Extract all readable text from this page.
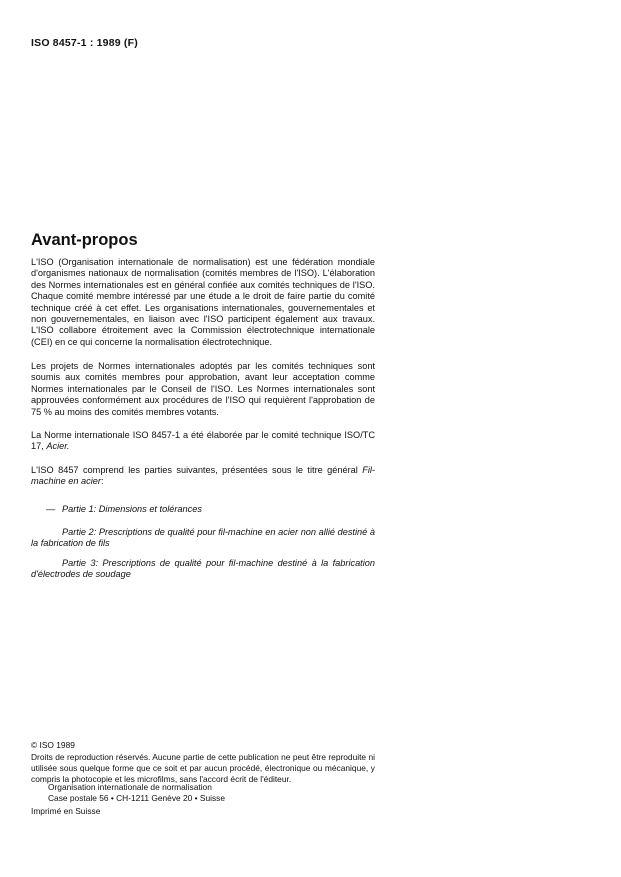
ISO 8457-1 : 1989 (F)
Avant-propos

L'ISO (Organisation internationale de normalisation) est une fédération mondiale d'organismes nationaux de normalisation (comités membres de l'ISO). L'élaboration des Normes internationales est en général confiée aux comités techniques de l'ISO. Chaque comité membre intéressé par une étude a le droit de faire partie du comité technique créé à cet effet. Les organisations internationales, gouvernementales et non gouvernementales, en liaison avec l'ISO participent également aux travaux. L'ISO collabore étroitement avec la Commission électrotechnique internationale (CEI) en ce qui concerne la normalisation électrotechnique.

Les projets de Normes internationales adoptés par les comités techniques sont soumis aux comités membres pour approbation, avant leur acceptation comme Normes internationales par le Conseil de l'ISO. Les Normes internationales sont approuvées conformément aux procédures de l'ISO qui requièrent l'approbation de 75 % au moins des comités membres votants.

La Norme internationale ISO 8457-1 a été élaborée par le comité technique ISO/TC 17, Acier.

L'ISO 8457 comprend les parties suivantes, présentées sous le titre général Fil-machine en acier:

— Partie 1: Dimensions et tolérances

Partie 2: Prescriptions de qualité pour fil-machine en acier non allié destiné à la fabrication de fils

Partie 3: Prescriptions de qualité pour fil-machine destiné à la fabrication d'électrodes de soudage

© ISO 1989

Droits de reproduction réservés. Aucune partie de cette publication ne peut être reproduite ni utilisée sous quelque forme que ce soit et par aucun procédé, électronique ou mécanique, y compris la photocopie et les microfilms, sans l'accord écrit de l'éditeur.

Organisation internationale de normalisation
Case postale 56 • CH-1211 Genève 20 • Suisse
Imprimé en Suisse
